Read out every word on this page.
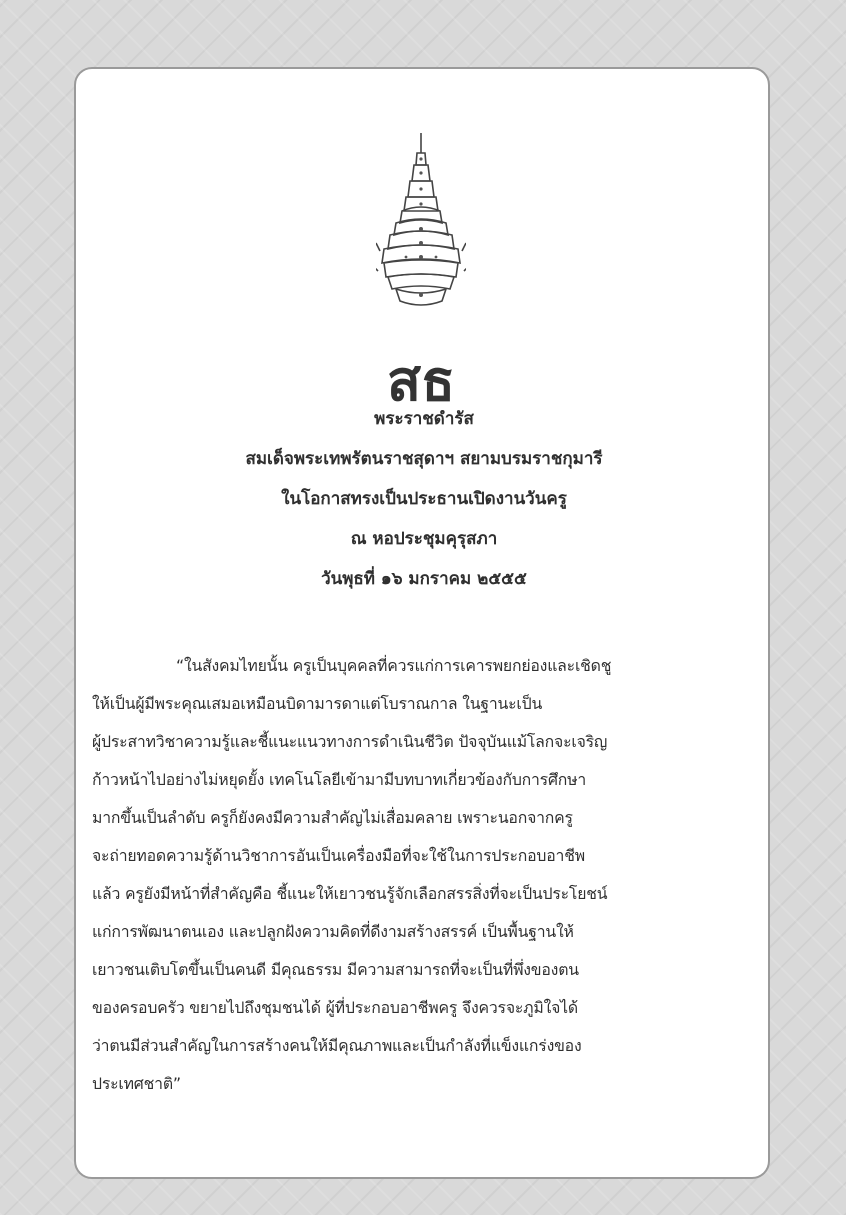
สธ
พระราชดำรัส
สมเด็จพระเทพรัตนราชสุดาฯ สยามบรมราชกุมารี
ในโอกาสทรงเป็นประธานเปิดงานวันครู
ณ หอประชุมคุรุสภา
วันพุธที่ ๑๖ มกราคม ๒๕๕๕
“ในสังคมไทยนั้น ครูเป็นบุคคลที่ควรแก่การเคารพยกย่องและเชิดชู
ให้เป็นผู้มีพระคุณเสมอเหมือนบิดามารดาแต่โบราณกาล ในฐานะเป็น
ผู้ประสาทวิชาความรู้และชี้แนะแนวทางการดำเนินชีวิต ปัจจุบันแม้โลกจะเจริญ
ก้าวหน้าไปอย่างไม่หยุดยั้ง เทคโนโลยีเข้ามามีบทบาทเกี่ยวข้องกับการศึกษา
มากขึ้นเป็นลำดับ ครูก็ยังคงมีความสำคัญไม่เสื่อมคลาย เพราะนอกจากครู
จะถ่ายทอดความรู้ด้านวิชาการอันเป็นเครื่องมือที่จะใช้ในการประกอบอาชีพ
แล้ว ครูยังมีหน้าที่สำคัญคือ ชี้แนะให้เยาวชนรู้จักเลือกสรรสิ่งที่จะเป็นประโยชน์
แก่การพัฒนาตนเอง และปลูกฝังความคิดที่ดีงามสร้างสรรค์ เป็นพื้นฐานให้
เยาวชนเติบโตขึ้นเป็นคนดี มีคุณธรรม มีความสามารถที่จะเป็นที่พึ่งของตน
ของครอบครัว ขยายไปถึงชุมชนได้ ผู้ที่ประกอบอาชีพครู จึงควรจะภูมิใจได้
ว่าตนมีส่วนสำคัญในการสร้างคนให้มีคุณภาพและเป็นกำลังที่แข็งแกร่งของ
ประเทศชาติ”
